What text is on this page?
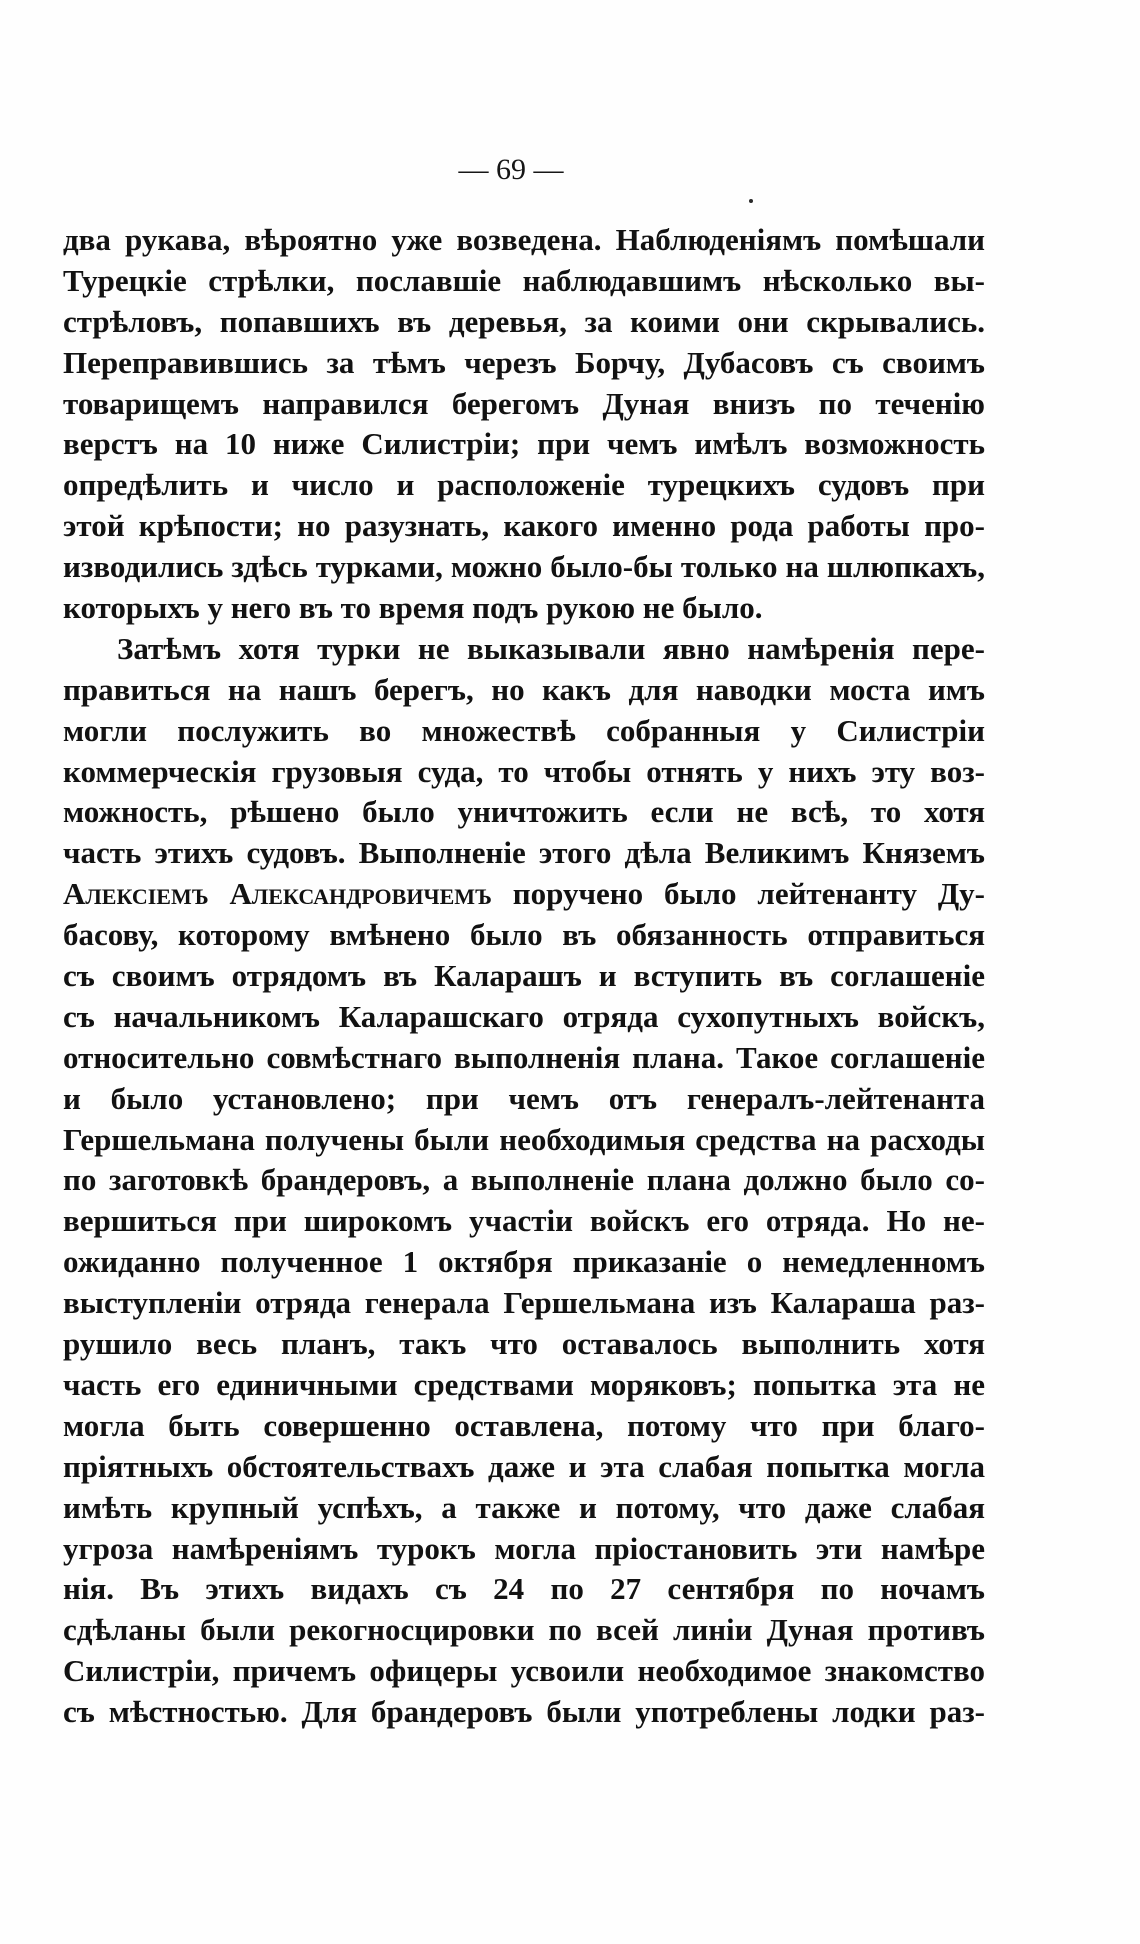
— 69 —
два рукава, вѣроятно уже возведена. Наблюденіямъ помѣшали
Турецкіе стрѣлки, пославшіе наблюдавшимъ нѣсколько вы-
стрѣловъ, попавшихъ въ деревья, за коими они скрывались.
Переправившись за тѣмъ черезъ Борчу, Дубасовъ съ своимъ
товарищемъ направился берегомъ Дуная внизъ по теченію
верстъ на 10 ниже Силистріи; при чемъ имѣлъ возможность
опредѣлить и число и расположеніе турецкихъ судовъ при
этой крѣпости; но разузнать, какого именно рода работы про-
изводились здѣсь турками, можно было-бы только на шлюпкахъ,
которыхъ у него въ то время подъ рукою не было.
Затѣмъ хотя турки не выказывали явно намѣренія пере-
правиться на нашъ берегъ, но какъ для наводки моста имъ
могли послужить во множествѣ собранныя у Силистріи
коммерческія грузовыя суда, то чтобы отнять у нихъ эту воз-
можность, рѣшено было уничтожить если не всѣ, то хотя
часть этихъ судовъ. Выполненіе этого дѣла Великимъ Княземъ
Алексіемъ Александровичемъ поручено было лейтенанту Ду-
басову, которому вмѣнено было въ обязанность отправиться
съ своимъ отрядомъ въ Каларашъ и вступить въ соглашеніе
съ начальникомъ Каларашскаго отряда сухопутныхъ войскъ,
относительно совмѣстнаго выполненія плана. Такое соглашеніе
и было установлено; при чемъ отъ генералъ-лейтенанта
Гершельмана получены были необходимыя средства на расходы
по заготовкѣ брандеровъ, а выполненіе плана должно было со-
вершиться при широкомъ участіи войскъ его отряда. Но не-
ожиданно полученное 1 октября приказаніе о немедленномъ
выступленіи отряда генерала Гершельмана изъ Калараша раз-
рушило весь планъ, такъ что оставалось выполнить хотя
часть его единичными средствами моряковъ; попытка эта не
могла быть совершенно оставлена, потому что при благо-
пріятныхъ обстоятельствахъ даже и эта слабая попытка могла
имѣть крупный успѣхъ, а также и потому, что даже слабая
угроза намѣреніямъ турокъ могла пріостановить эти намѣре
нія. Въ этихъ видахъ съ 24 по 27 сентября по ночамъ
сдѣланы были рекогносцировки по всей линіи Дуная противъ
Силистріи, причемъ офицеры усвоили необходимое знакомство
съ мѣстностью. Для брандеровъ были употреблены лодки раз-
